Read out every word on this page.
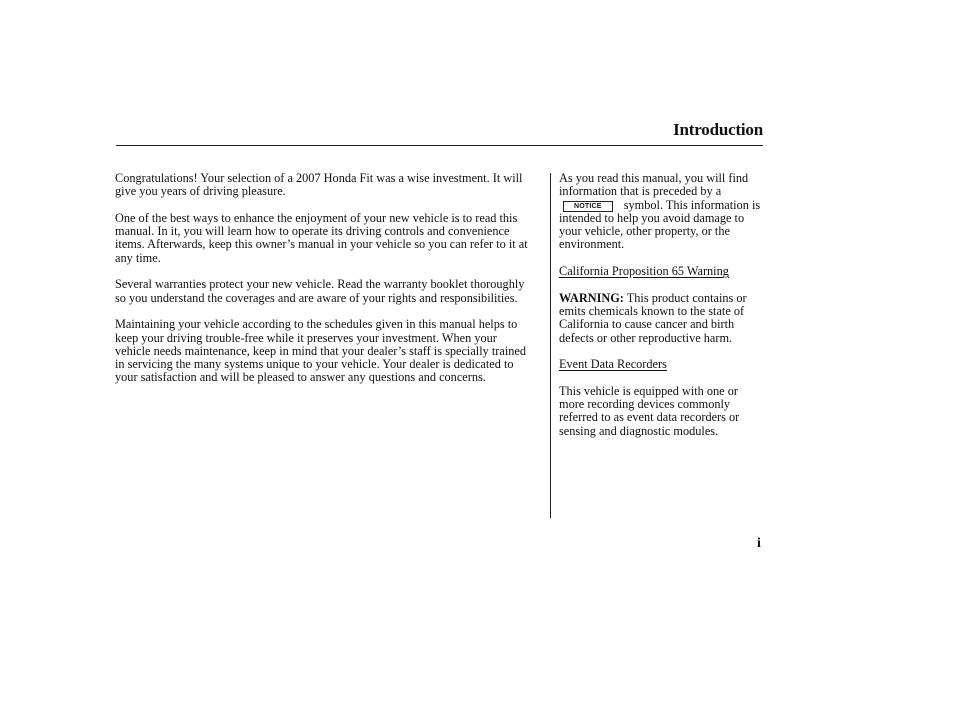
Introduction

Congratulations! Your selection of a 2007 Honda Fit was a wise investment. It will give you years of driving pleasure.

One of the best ways to enhance the enjoyment of your new vehicle is to read this manual. In it, you will learn how to operate its driving controls and convenience items. Afterwards, keep this owner’s manual in your vehicle so you can refer to it at any time.

Several warranties protect your new vehicle. Read the warranty booklet thoroughly so you understand the coverages and are aware of your rights and responsibilities.

Maintaining your vehicle according to the schedules given in this manual helps to keep your driving trouble-free while it preserves your investment. When your vehicle needs maintenance, keep in mind that your dealer’s staff is specially trained in servicing the many systems unique to your vehicle. Your dealer is dedicated to your satisfaction and will be pleased to answer any questions and concerns.

As you read this manual, you will find information that is preceded by a NOTICE symbol. This information is intended to help you avoid damage to your vehicle, other property, or the environment.

California Proposition 65 Warning

WARNING: This product contains or emits chemicals known to the state of California to cause cancer and birth defects or other reproductive harm.

Event Data Recorders

This vehicle is equipped with one or more recording devices commonly referred to as event data recorders or sensing and diagnostic modules.

i
